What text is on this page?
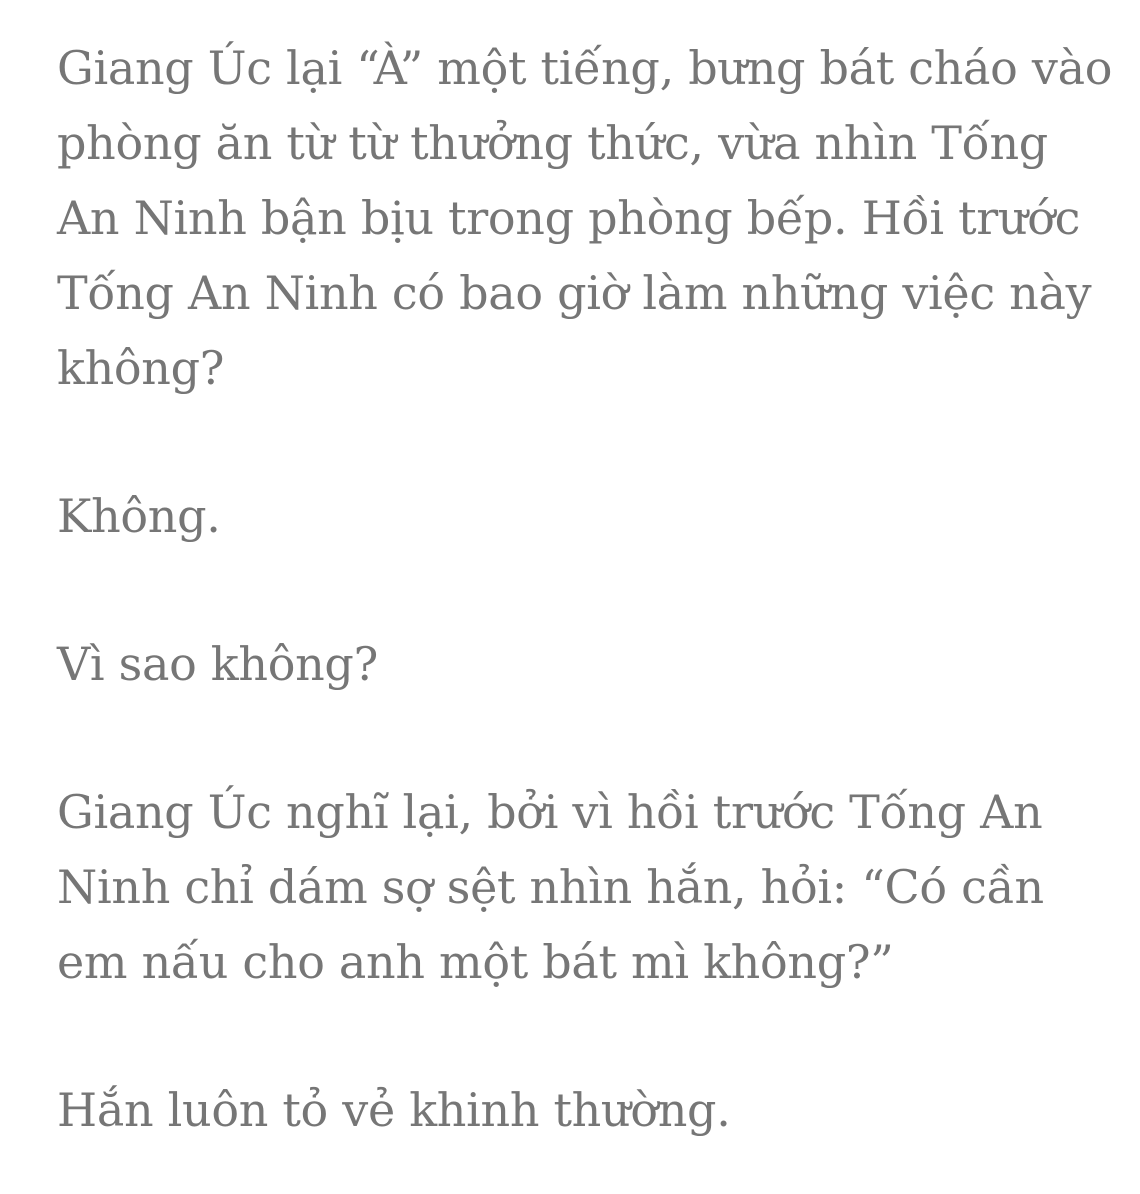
Giang Úc lại “À” một tiếng, bưng bát cháo vào
phòng ăn từ từ thưởng thức, vừa nhìn Tống
An Ninh bận bịu trong phòng bếp. Hồi trước
Tống An Ninh có bao giờ làm những việc này
không?

Không.

Vì sao không?

Giang Úc nghĩ lại, bởi vì hồi trước Tống An
Ninh chỉ dám sợ sệt nhìn hắn, hỏi: “Có cần
em nấu cho anh một bát mì không?”

Hắn luôn tỏ vẻ khinh thường.
